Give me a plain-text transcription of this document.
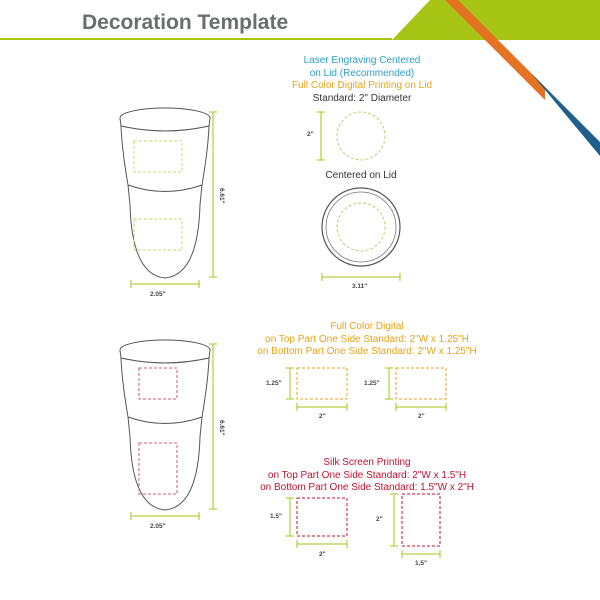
Decoration Template
Laser Engraving Centered
on Lid (Recommended)
Full Color Digital Printing on Lid
Standard: 2" Diameter
2"
Centered on Lid
3.11"
6.61"
2.05"
6.61"
2.05"
Full Color Digital
on Top Part One Side Standard: 2"W x 1.25"H
on Bottom Part One Side Standard: 2"W x 1.25"H
1.25"
2"
1.25"
2"
Silk Screen Printing
on Top Part One Side Standard: 2"W x 1.5"H
on Bottom Part One Side Standard: 1.5"W x 2"H
1.5"
2"
2"
1.5"
